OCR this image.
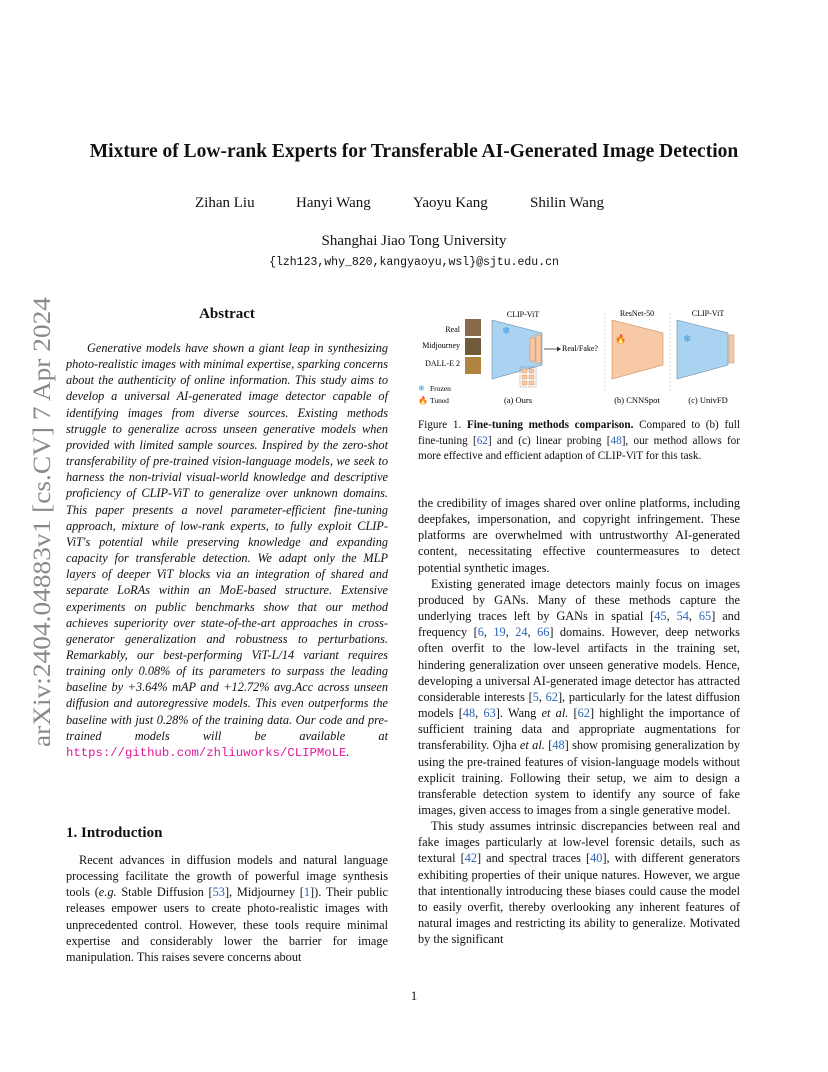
arXiv:2404.04883v1 [cs.CV] 7 Apr 2024
Mixture of Low-rank Experts for Transferable AI-Generated Image Detection
Zihan Liu	Hanyi Wang	Yaoyu Kang	Shilin Wang
Shanghai Jiao Tong University
{lzh123,why_820,kangyaoyu,wsl}@sjtu.edu.cn
Abstract
Generative models have shown a giant leap in synthesizing photo-realistic images with minimal expertise, sparking concerns about the authenticity of online information. This study aims to develop a universal AI-generated image detector capable of identifying images from diverse sources. Existing methods struggle to generalize across unseen generative models when provided with limited sample sources. Inspired by the zero-shot transferability of pre-trained vision-language models, we seek to harness the non-trivial visual-world knowledge and descriptive proficiency of CLIP-ViT to generalize over unknown domains. This paper presents a novel parameter-efficient fine-tuning approach, mixture of low-rank experts, to fully exploit CLIP-ViT's potential while preserving knowledge and expanding capacity for transferable detection. We adapt only the MLP layers of deeper ViT blocks via an integration of shared and separate LoRAs within an MoE-based structure. Extensive experiments on public benchmarks show that our method achieves superiority over state-of-the-art approaches in cross-generator generalization and robustness to perturbations. Remarkably, our best-performing ViT-L/14 variant requires training only 0.08% of its parameters to surpass the leading baseline by +3.64% mAP and +12.72% avg.Acc across unseen diffusion and autoregressive models. This even outperforms the baseline with just 0.28% of the training data. Our code and pre-trained models will be available at https://github.com/zhliuworks/CLIPMoLE.
1. Introduction
Recent advances in diffusion models and natural language processing facilitate the growth of powerful image synthesis tools (e.g. Stable Diffusion [53], Midjourney [1]). Their public releases empower users to create photo-realistic images with unprecedented control. However, these tools require minimal expertise and considerably lower the barrier for image manipulation. This raises severe concerns about
Real
Midjourney
DALL-E 2
CLIP-ViT
❄
Real/Fake?
❄ Frozen
🔥 Tuned	(a) Ours
ResNet-50
🔥
(b) CNNSpot
CLIP-ViT
❄
(c) UnivFD
Figure 1. Fine-tuning methods comparison. Compared to (b) full fine-tuning [62] and (c) linear probing [48], our method allows for more effective and efficient adaption of CLIP-ViT for this task.

the credibility of images shared over online platforms, including deepfakes, impersonation, and copyright infringement. These platforms are overwhelmed with untrustworthy AI-generated content, necessitating effective countermeasures to detect potential synthetic images.

Existing generated image detectors mainly focus on images produced by GANs. Many of these methods capture the underlying traces left by GANs in spatial [45, 54, 65] and frequency [6, 19, 24, 66] domains. However, deep networks often overfit to the low-level artifacts in the training set, hindering generalization over unseen generative models. Hence, developing a universal AI-generated image detector has attracted considerable interests [5, 62], particularly for the latest diffusion models [48, 63]. Wang et al. [62] highlight the importance of sufficient training data and appropriate augmentations for transferability. Ojha et al. [48] show promising generalization by using the pre-trained features of vision-language models without explicit training. Following their setup, we aim to design a transferable detection system to identify any source of fake images, given access to images from a single generative model.

This study assumes intrinsic discrepancies between real and fake images particularly at low-level forensic details, such as textural [42] and spectral traces [40], with different generators exhibiting properties of their unique natures. However, we argue that intentionally introducing these biases could cause the model to easily overfit, thereby overlooking any inherent features of natural images and restricting its ability to generalize. Motivated by the significant

1
